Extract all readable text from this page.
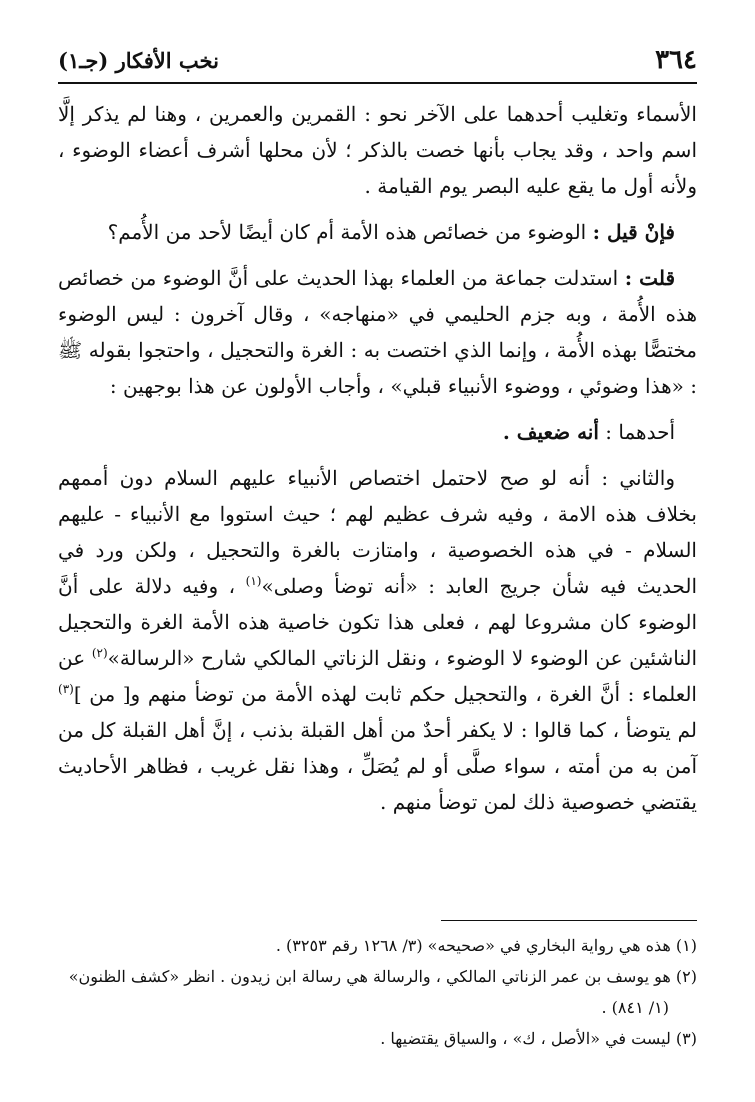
٣٦٤
نخب الأفكار (جـ١)

الأسماء وتغليب أحدهما على الآخر نحو : القمرين والعمرين ، وهنا لم يذكر إلَّا اسم واحد ، وقد يجاب بأنها خصت بالذكر ؛ لأن محلها أشرف أعضاء الوضوء ، ولأنه أول ما يقع عليه البصر يوم القيامة .

فإنْ قيل : الوضوء من خصائص هذه الأمة أم كان أيضًا لأحد من الأُمم؟

قلت : استدلت جماعة من العلماء بهذا الحديث على أنَّ الوضوء من خصائص هذه الأُمة ، وبه جزم الحليمي في «منهاجه» ، وقال آخرون : ليس الوضوء مختصًّا بهذه الأُمة ، وإنما الذي اختصت به : الغرة والتحجيل ، واحتجوا بقوله ﷺ : «هذا وضوئي ، ووضوء الأنبياء قبلي» ، وأجاب الأولون عن هذا بوجهين :

أحدهما : أنه ضعيف .

والثاني : أنه لو صح لاحتمل اختصاص الأنبياء عليهم السلام دون أممهم بخلاف هذه الامة ، وفيه شرف عظيم لهم ؛ حيث استووا مع الأنبياء - عليهم السلام - في هذه الخصوصية ، وامتازت بالغرة والتحجيل ، ولكن ورد في الحديث فيه شأن جريج العابد : «أنه توضأ وصلى»$^{(١)}$ ، وفيه دلالة على أنَّ الوضوء كان مشروعا لهم ، فعلى هذا تكون خاصية هذه الأمة الغرة والتحجيل الناشئين عن الوضوء لا الوضوء ، ونقل الزناتي المالكي شارح «الرسالة»$^{(٢)}$ عن العلماء : أنَّ الغرة ، والتحجيل حكم ثابت لهذه الأمة من توضأ منهم و[ من ]$^{(٣)}$ لم يتوضأ ، كما قالوا : لا يكفر أحدٌ من أهل القبلة بذنب ، إنَّ أهل القبلة كل من آمن به من أمته ، سواء صلَّى أو لم يُصَلِّ ، وهذا نقل غريب ، فظاهر الأحاديث يقتضي خصوصية ذلك لمن توضأ منهم .

(١) هذه هي رواية البخاري في «صحيحه» (٣/ ١٢٦٨ رقم ٣٢٥٣) .

(٢) هو يوسف بن عمر الزناتي المالكي ، والرسالة هي رسالة ابن زيدون . انظر «كشف الظنون»

(١/ ٨٤١) .

(٣) ليست في «الأصل ، ك» ، والسياق يقتضيها .
